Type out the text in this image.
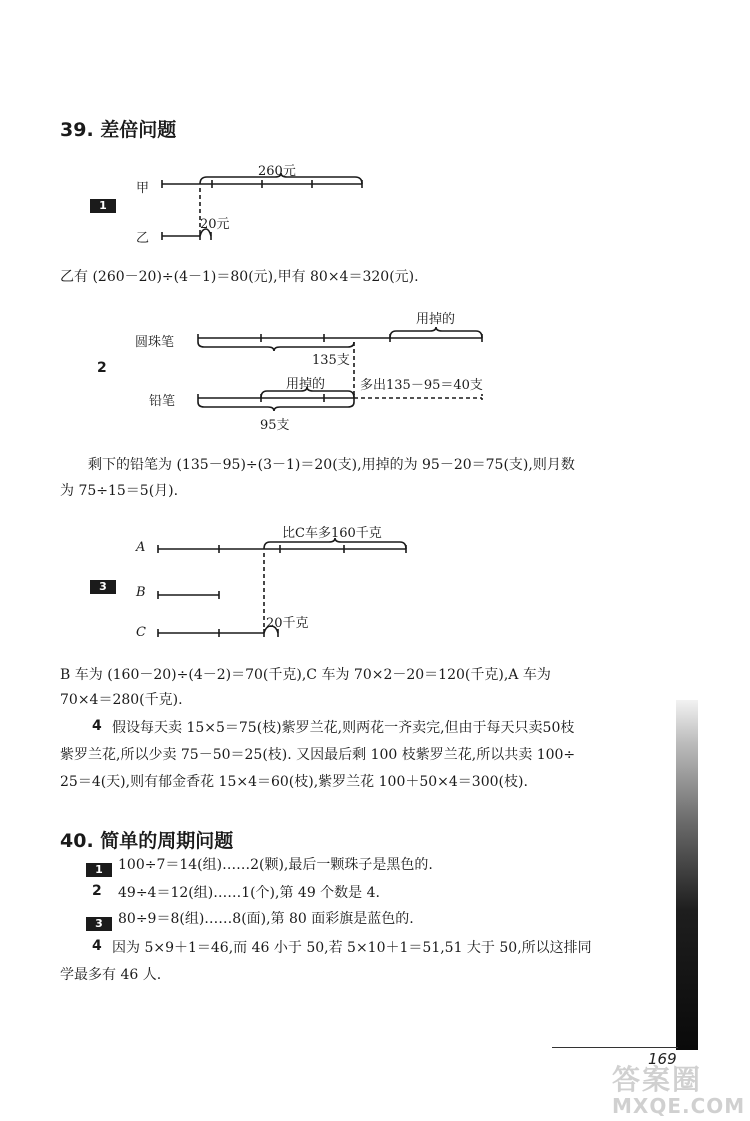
39. 差倍问题
1
甲
乙
260元
20元
乙有 (260－20)÷(4－1)＝80(元),甲有 80×4＝320(元).
2
圆珠笔
铅笔
用掉的
135支
用掉的	多出135－95＝40支
95支
剩下的铅笔为 (135－95)÷(3－1)＝20(支),用掉的为 95－20＝75(支),则月数
为 75÷15＝5(月).
3
A
B
C
比C车多160千克
20千克
B 车为 (160－20)÷(4－2)＝70(千克),C 车为 70×2－20＝120(千克),A 车为
70×4＝280(千克).
4 假设每天卖 15×5＝75(枝)紫罗兰花,则两花一齐卖完,但由于每天只卖50枝
紫罗兰花,所以少卖 75－50＝25(枝). 又因最后剩 100 枝紫罗兰花,所以共卖 100÷
25＝4(天),则有郁金香花 15×4＝60(枝),紫罗兰花 100＋50×4＝300(枝).
40. 简单的周期问题
1	100÷7＝14(组)……2(颗),最后一颗珠子是黑色的.
2 49÷4＝12(组)……1(个),第 49 个数是 4.
3	80÷9＝8(组)……8(面),第 80 面彩旗是蓝色的.
4 因为 5×9＋1＝46,而 46 小于 50,若 5×10＋1＝51,51 大于 50,所以这排同
学最多有 46 人.
169
答案圈
MXQE.COM
